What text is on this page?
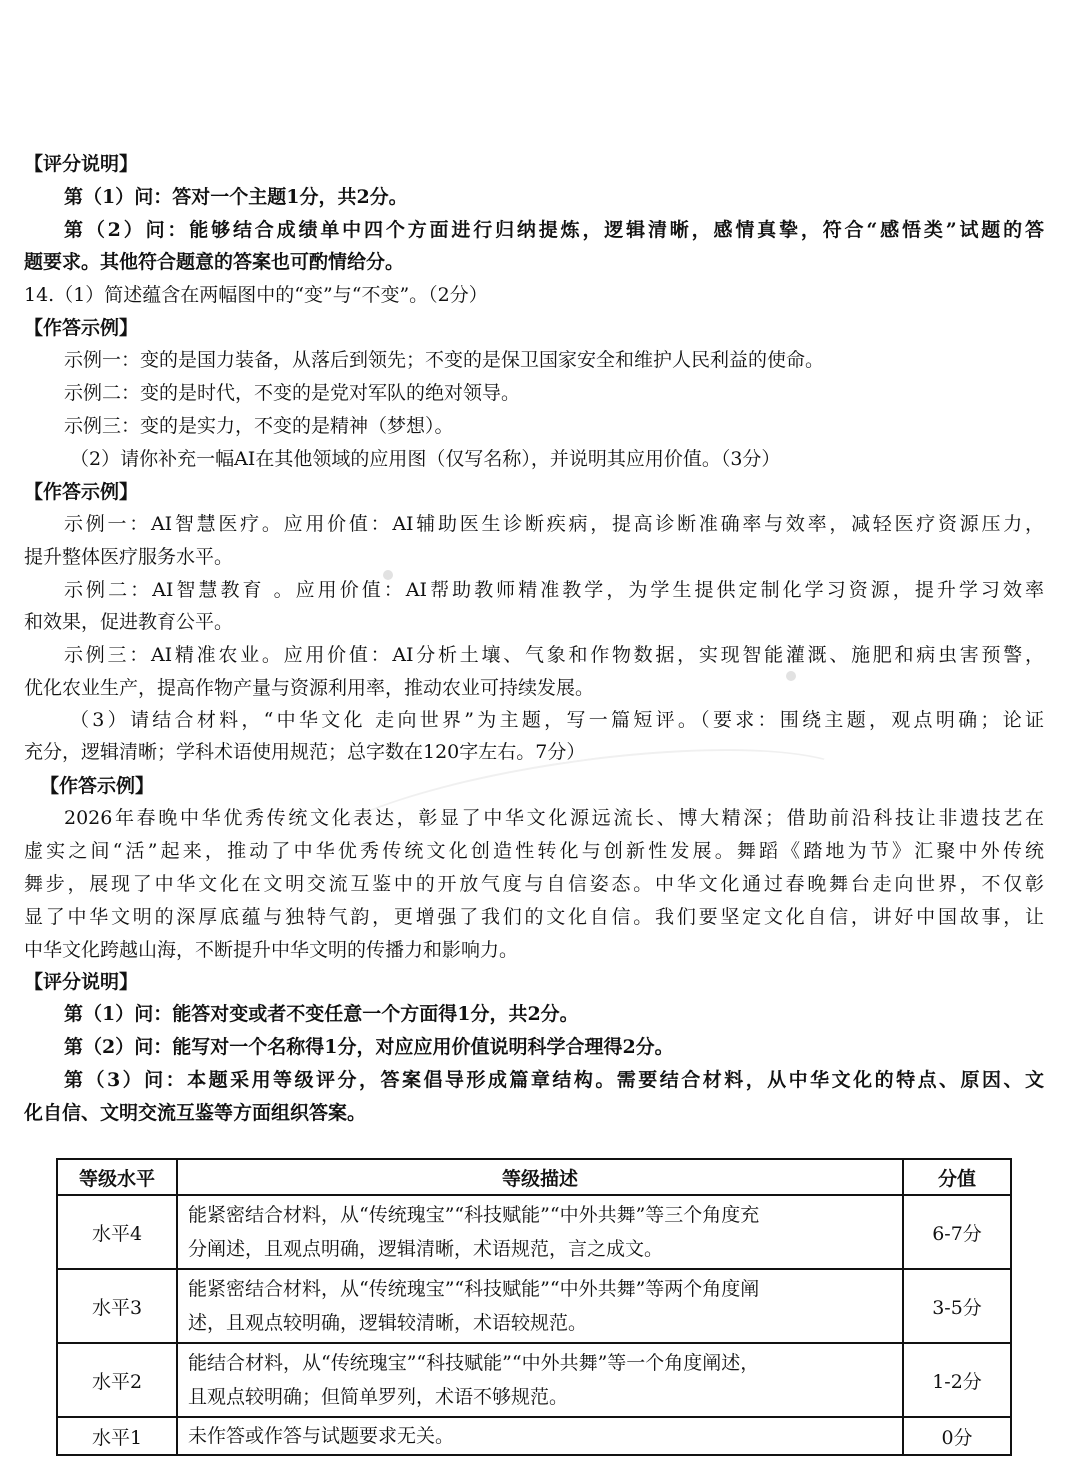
【评分说明】
第（1）问：答对一个主题1分，共2分。
第（2）问：能够结合成绩单中四个方面进行归纳提炼，逻辑清晰，感情真挚，符合“感悟类”试题的答
题要求。其他符合题意的答案也可酌情给分。
14.（1）简述蕴含在两幅图中的“变”与“不变”。（2分）
【作答示例】
示例一：变的是国力装备，从落后到领先；不变的是保卫国家安全和维护人民利益的使命。
示例二：变的是时代，不变的是党对军队的绝对领导。
示例三：变的是实力，不变的是精神（梦想）。
（2）请你补充一幅AI在其他领域的应用图（仅写名称），并说明其应用价值。（3分）
【作答示例】
示例一：AI智慧医疗。应用价值：AI辅助医生诊断疾病，提高诊断准确率与效率，减轻医疗资源压力，
提升整体医疗服务水平。
示例二：AI智慧教育 。应用价值：AI帮助教师精准教学，为学生提供定制化学习资源，提升学习效率
和效果，促进教育公平。
示例三：AI精准农业。应用价值：AI分析土壤、气象和作物数据，实现智能灌溉、施肥和病虫害预警，
优化农业生产，提高作物产量与资源利用率，推动农业可持续发展。
（3）请结合材料，“中华文化 走向世界”为主题，写一篇短评。（要求：围绕主题，观点明确；论证
充分，逻辑清晰；学科术语使用规范；总字数在120字左右。7分）
【作答示例】
2026年春晚中华优秀传统文化表达，彰显了中华文化源远流长、博大精深；借助前沿科技让非遗技艺在
虚实之间“活”起来，推动了中华优秀传统文化创造性转化与创新性发展。舞蹈《踏地为节》汇聚中外传统
舞步，展现了中华文化在文明交流互鉴中的开放气度与自信姿态。中华文化通过春晚舞台走向世界，不仅彰
显了中华文明的深厚底蕴与独特气韵，更增强了我们的文化自信。我们要坚定文化自信，讲好中国故事，让
中华文化跨越山海，不断提升中华文明的传播力和影响力。
【评分说明】
第（1）问：能答对变或者不变任意一个方面得1分，共2分。
第（2）问：能写对一个名称得1分，对应应用价值说明科学合理得2分。
第（3）问：本题采用等级评分，答案倡导形成篇章结构。需要结合材料，从中华文化的特点、原因、文
化自信、文明交流互鉴等方面组织答案。
等级水平	等级描述	分值
水平4	能紧密结合材料，从“传统瑰宝”“科技赋能”“中外共舞”等三个角度充
分阐述，且观点明确，逻辑清晰，术语规范，言之成文。	6-7分
水平3	能紧密结合材料，从“传统瑰宝”“科技赋能”“中外共舞”等两个角度阐
述，且观点较明确，逻辑较清晰，术语较规范。	3-5分
水平2	能结合材料，从“传统瑰宝”“科技赋能”“中外共舞”等一个角度阐述，
且观点较明确；但简单罗列，术语不够规范。	1-2分
水平1	未作答或作答与试题要求无关。	0分
